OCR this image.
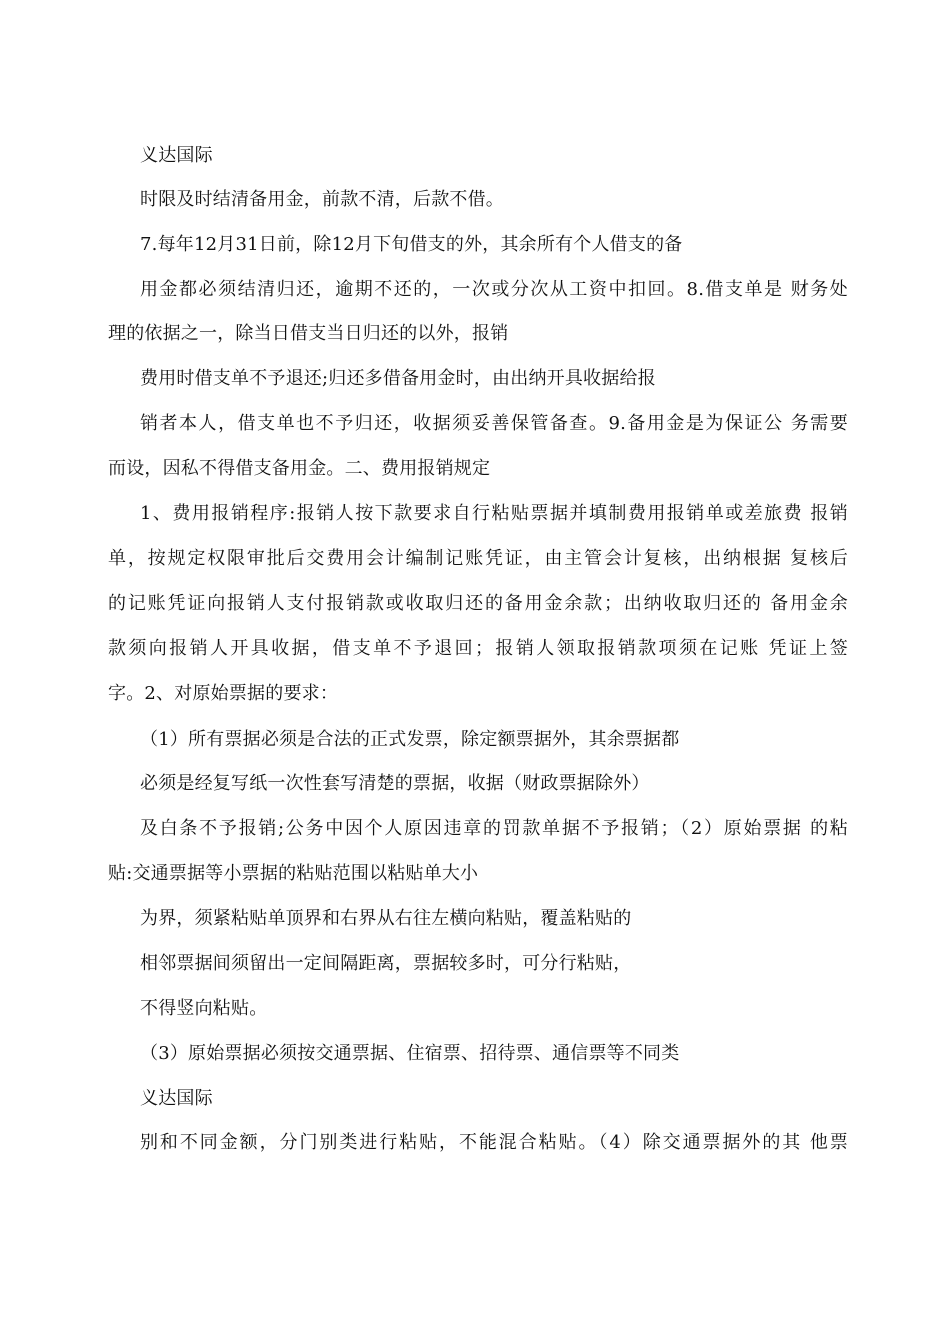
义达国际
时限及时结清备用金，前款不清，后款不借。
7.每年12月31日前，除12月下旬借支的外，其余所有个人借支的备
用金都必须结清归还，逾期不还的，一次或分次从工资中扣回。8.借支单是 财务处
理的依据之一，除当日借支当日归还的以外，报销
费用时借支单不予退还;归还多借备用金时，由出纳开具收据给报
销者本人，借支单也不予归还，收据须妥善保管备查。9.备用金是为保证公 务需要
而设，因私不得借支备用金。二、费用报销规定
1、费用报销程序:报销人按下款要求自行粘贴票据并填制费用报销单或差旅费 报销
单，按规定权限审批后交费用会计编制记账凭证，由主管会计复核，出纳根据 复核后
的记账凭证向报销人支付报销款或收取归还的备用金余款；出纳收取归还的 备用金余
款须向报销人开具收据，借支单不予退回；报销人领取报销款项须在记账 凭证上签
字。2、对原始票据的要求：
（1）所有票据必须是合法的正式发票，除定额票据外，其余票据都
必须是经复写纸一次性套写清楚的票据，收据（财政票据除外）
及白条不予报销;公务中因个人原因违章的罚款单据不予报销；（2）原始票据 的粘
贴:交通票据等小票据的粘贴范围以粘贴单大小
为界，须紧粘贴单顶界和右界从右往左横向粘贴，覆盖粘贴的
相邻票据间须留出一定间隔距离，票据较多时，可分行粘贴，
不得竖向粘贴。
（3）原始票据必须按交通票据、住宿票、招待票、通信票等不同类
义达国际
别和不同金额，分门别类进行粘贴，不能混合粘贴。（4）除交通票据外的其 他票
